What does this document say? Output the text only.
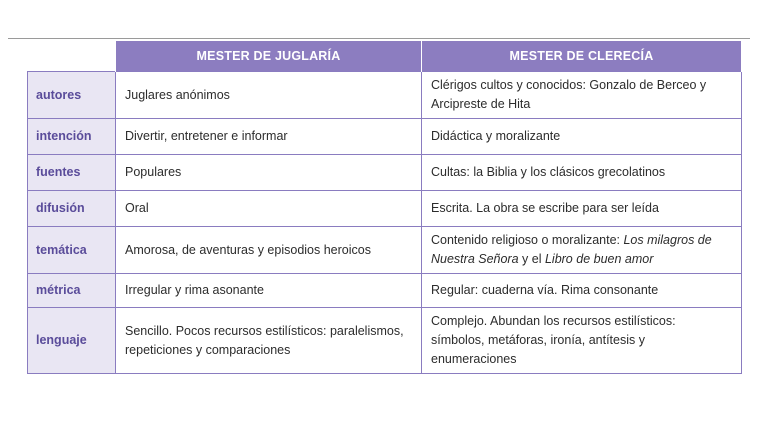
	MESTER DE JUGLARÍA	MESTER DE CLERECÍA
autores	Juglares anónimos	Clérigos cultos y conocidos: Gonzalo de Berceo y Arcipreste de Hita
intención	Divertir, entretener e informar	Didáctica y moralizante
fuentes	Populares	Cultas: la Biblia y los clásicos grecolatinos
difusión	Oral	Escrita. La obra se escribe para ser leída
temática	Amorosa, de aventuras y episodios heroicos	Contenido religioso o moralizante: Los milagros de Nuestra Señora y el Libro de buen amor
métrica	Irregular y rima asonante	Regular: cuaderna vía. Rima consonante
lenguaje	Sencillo. Pocos recursos estilísticos: paralelismos, repeticiones y comparaciones	Complejo. Abundan los recursos estilísticos: símbolos, metáforas, ironía, antítesis y enumeraciones
